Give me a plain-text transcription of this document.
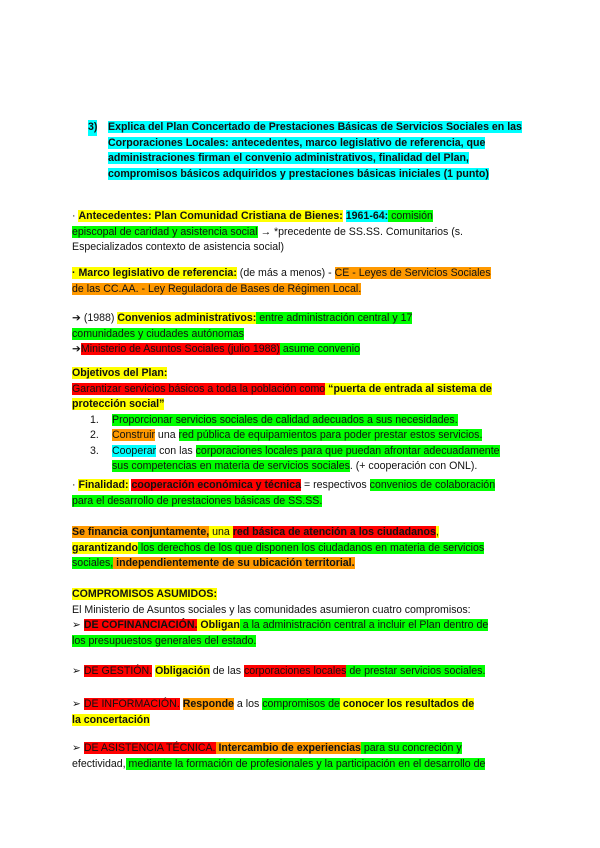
3) Explica del Plan Concertado de Prestaciones Básicas de Servicios Sociales en las Corporaciones Locales: antecedentes, marco legislativo de referencia, que administraciones firman el convenio administrativos, finalidad del Plan, compromisos básicos adquiridos y prestaciones básicas iniciales (1 punto)
· Antecedentes: Plan Comunidad Cristiana de Bienes: 1961-64: comisión
episcopal de caridad y asistencia social → *precedente de SS.SS. Comunitarios (s.
Especializados contexto de asistencia social)
· Marco legislativo de referencia: (de más a menos) - CE - Leyes de Servicios Sociales
de las CC.AA. - Ley Reguladora de Bases de Régimen Local.
➔ (1988) Convenios administrativos: entre administración central y 17
comunidades y ciudades autónomas
➔Ministerio de Asuntos Sociales (julio 1988) asume convenio
Objetivos del Plan:
Garantizar servicios básicos a toda la población como “puerta de entrada al sistema de
protección social”
1. Proporcionar servicios sociales de calidad adecuados a sus necesidades.
2. Construir una red pública de equipamientos para poder prestar estos servicios.
3. Cooperar con las corporaciones locales para que puedan afrontar adecuadamente
sus competencias en materia de servicios sociales. (+ cooperación con ONL).
· Finalidad: cooperación económica y técnica = respectivos convenios de colaboración
para el desarrollo de prestaciones básicas de SS.SS.
Se financia conjuntamente, una red básica de atención a los ciudadanos,
garantizando los derechos de los que disponen los ciudadanos en materia de servicios
sociales, independientemente de su ubicación territorial.
COMPROMISOS ASUMIDOS:
El Ministerio de Asuntos sociales y las comunidades asumieron cuatro compromisos:
➢ DE COFINANCIACIÓN. Obligan a la administración central a incluir el Plan dentro de
los presupuestos generales del estado.
➢ DE GESTIÓN. Obligación de las corporaciones locales de prestar servicios sociales.
➢ DE INFORMACIÓN. Responde a los compromisos de conocer los resultados de
la concertación
➢ DE ASISTENCIA TÉCNICA. Intercambio de experiencias para su concreción y
efectividad, mediante la formación de profesionales y la participación en el desarrollo de
